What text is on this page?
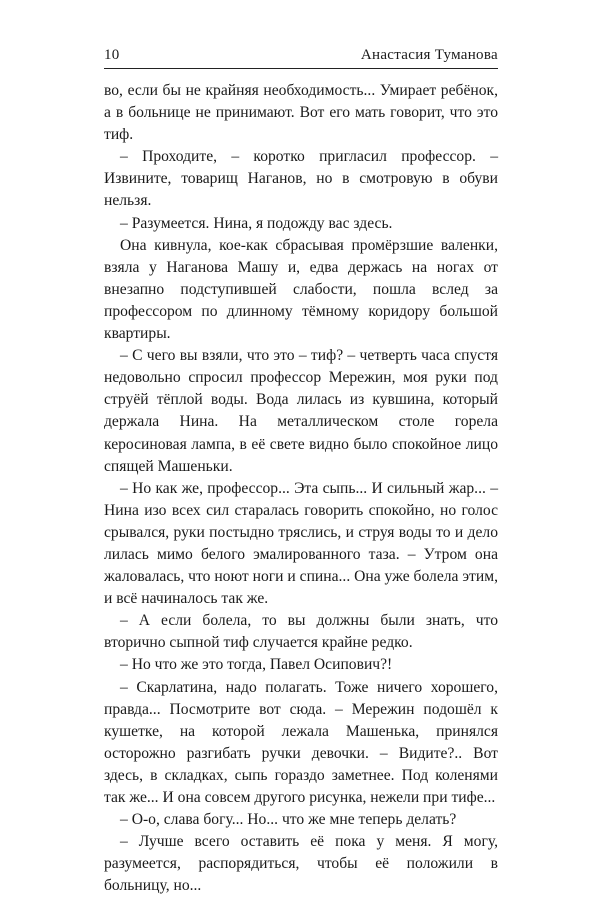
10	Анастасия Туманова

во, если бы не крайняя необходимость... Умирает ребёнок, а в больнице не принимают. Вот его мать говорит, что это тиф.

– Проходите, – коротко пригласил профессор. – Извините, товарищ Наганов, но в смотровую в обуви нельзя.

– Разумеется. Нина, я подожду вас здесь.

Она кивнула, кое-как сбрасывая промёрзшие валенки, взяла у Наганова Машу и, едва держась на ногах от внезапно подступившей слабости, пошла вслед за профессором по длинному тёмному коридору большой квартиры.

– С чего вы взяли, что это – тиф? – четверть часа спустя недовольно спросил профессор Мережин, моя руки под струёй тёплой воды. Вода лилась из кувшина, который держала Нина. На металлическом столе горела керосиновая лампа, в её свете видно было спокойное лицо спящей Машеньки.

– Но как же, профессор... Эта сыпь... И сильный жар... – Нина изо всех сил старалась говорить спокойно, но голос срывался, руки постыдно тряслись, и струя воды то и дело лилась мимо белого эмалированного таза. – Утром она жаловалась, что ноют ноги и спина... Она уже болела этим, и всё начиналось так же.

– А если болела, то вы должны были знать, что вторично сыпной тиф случается крайне редко.

– Но что же это тогда, Павел Осипович?!

– Скарлатина, надо полагать. Тоже ничего хорошего, правда... Посмотрите вот сюда. – Мережин подошёл к кушетке, на которой лежала Машенька, принялся осторожно разгибать ручки девочки. – Видите?.. Вот здесь, в складках, сыпь гораздо заметнее. Под коленями так же... И она совсем другого рисунка, нежели при тифе...

– О-о, слава богу... Но... что же мне теперь делать?

– Лучше всего оставить её пока у меня. Я могу, разумеется, распорядиться, чтобы её положили в больницу, но...
